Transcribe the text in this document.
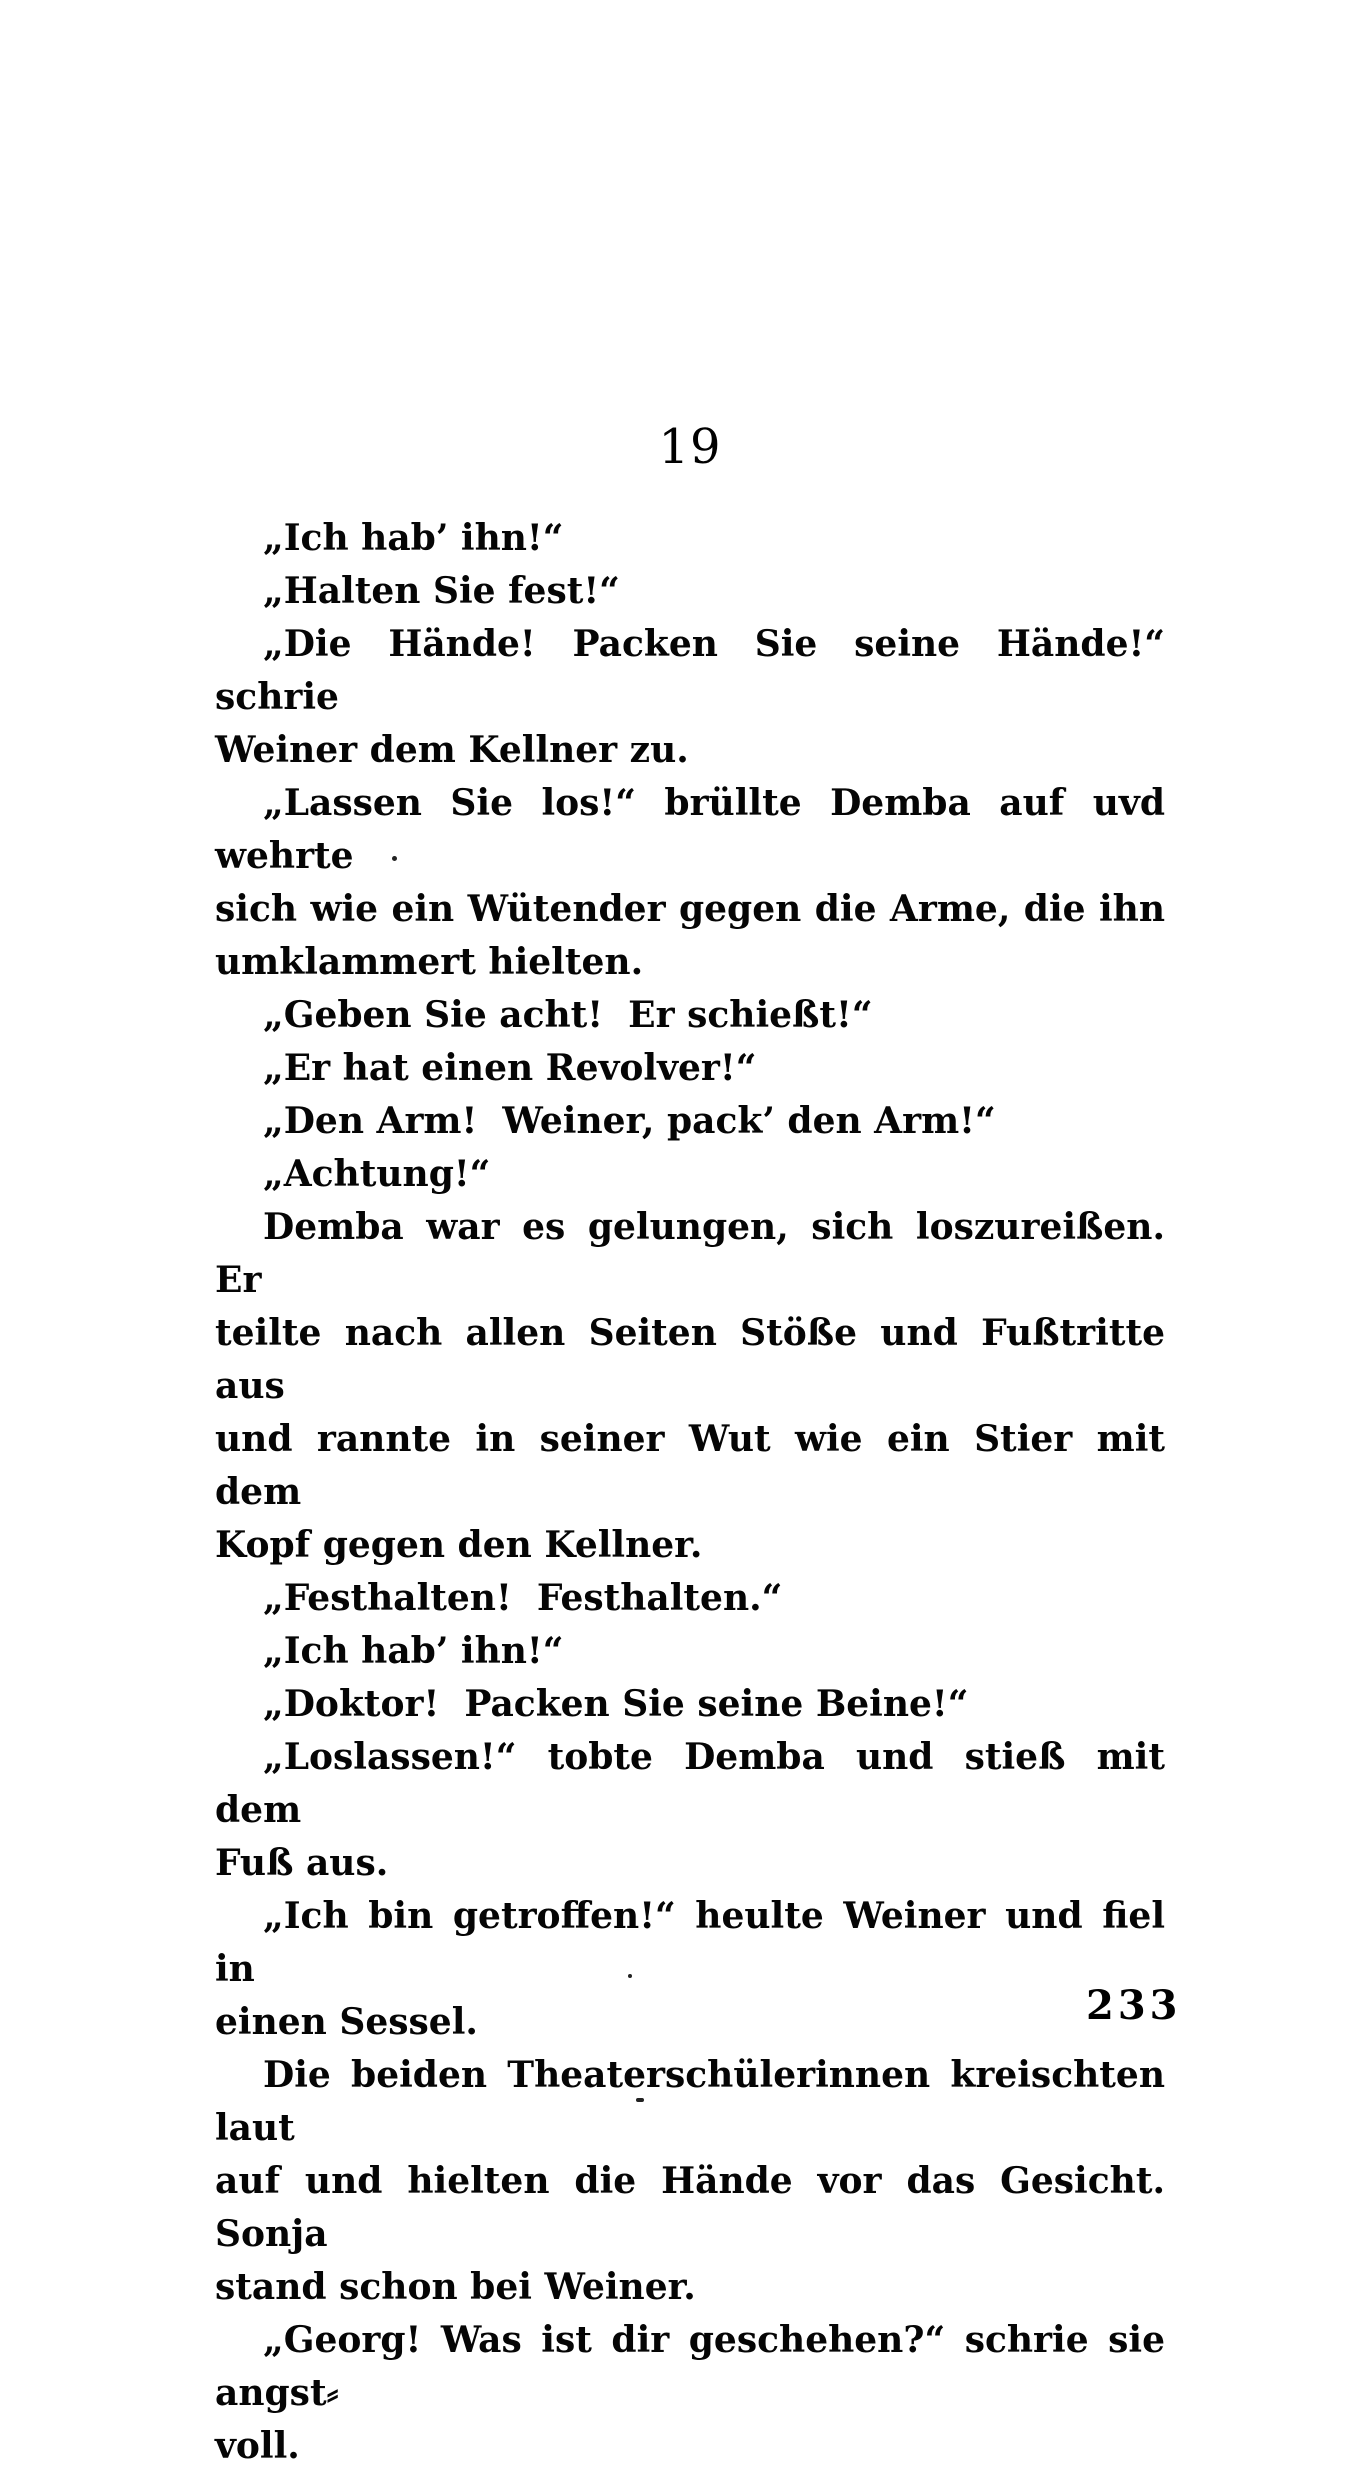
19
„Ich hab’ ihn!“
„Halten Sie fest!“
„Die Hände! Packen Sie seine Hände!“ schrie
Weiner dem Kellner zu.
„Lassen Sie los!“ brüllte Demba auf uvd wehrte
sich wie ein Wütender gegen die Arme, die ihn
umklammert hielten.
„Geben Sie acht!  Er schießt!“
„Er hat einen Revolver!“
„Den Arm!  Weiner, pack’ den Arm!“
„Achtung!“
Demba war es gelungen, sich loszureißen. Er
teilte nach allen Seiten Stöße und Fußtritte aus
und rannte in seiner Wut wie ein Stier mit dem
Kopf gegen den Kellner.
„Festhalten!  Festhalten.“
„Ich hab’ ihn!“
„Doktor!  Packen Sie seine Beine!“
„Loslassen!“ tobte Demba und stieß mit dem
Fuß aus.
„Ich bin getroffen!“ heulte Weiner und fiel in
einen Sessel.
Die beiden Theaterschülerinnen kreischten laut
auf und hielten die Hände vor das Gesicht. Sonja
stand schon bei Weiner.
„Georg! Was ist dir geschehen?“ schrie sie angst⸗
voll.
233
